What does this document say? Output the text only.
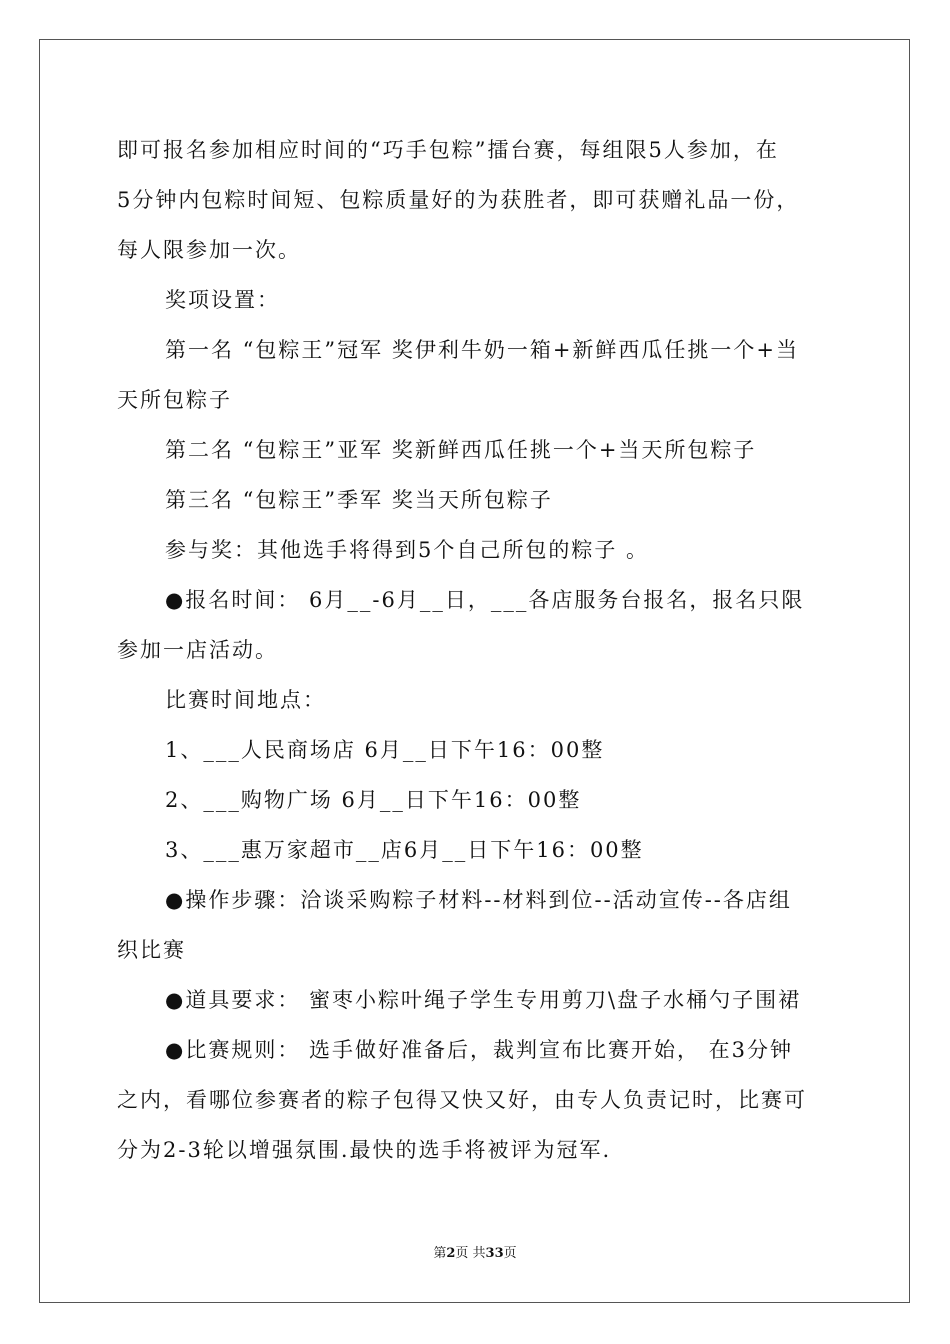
即可报名参加相应时间的“巧手包粽”擂台赛，每组限5人参加，在
5分钟内包粽时间短、包粽质量好的为获胜者，即可获赠礼品一份，
每人限参加一次。
奖项设置：
第一名 “包粽王”冠军 奖伊利牛奶一箱+新鲜西瓜任挑一个+当
天所包粽子
第二名 “包粽王”亚军 奖新鲜西瓜任挑一个+当天所包粽子
第三名 “包粽王”季军 奖当天所包粽子
参与奖：其他选手将得到5个自己所包的粽子 。
●报名时间： 6月__-6月__日，___各店服务台报名，报名只限
参加一店活动。
比赛时间地点：
1、___人民商场店 6月__日下午16：00整
2、___购物广场 6月__日下午16：00整
3、___惠万家超市__店6月__日下午16：00整
●操作步骤：洽谈采购粽子材料--材料到位--活动宣传--各店组
织比赛
●道具要求： 蜜枣小粽叶绳子学生专用剪刀\盘子水桶勺子围裙
●比赛规则： 选手做好准备后，裁判宣布比赛开始， 在3分钟
之内，看哪位参赛者的粽子包得又快又好，由专人负责记时，比赛可
分为2-3轮以增强氛围.最快的选手将被评为冠军.
第2页 共33页
